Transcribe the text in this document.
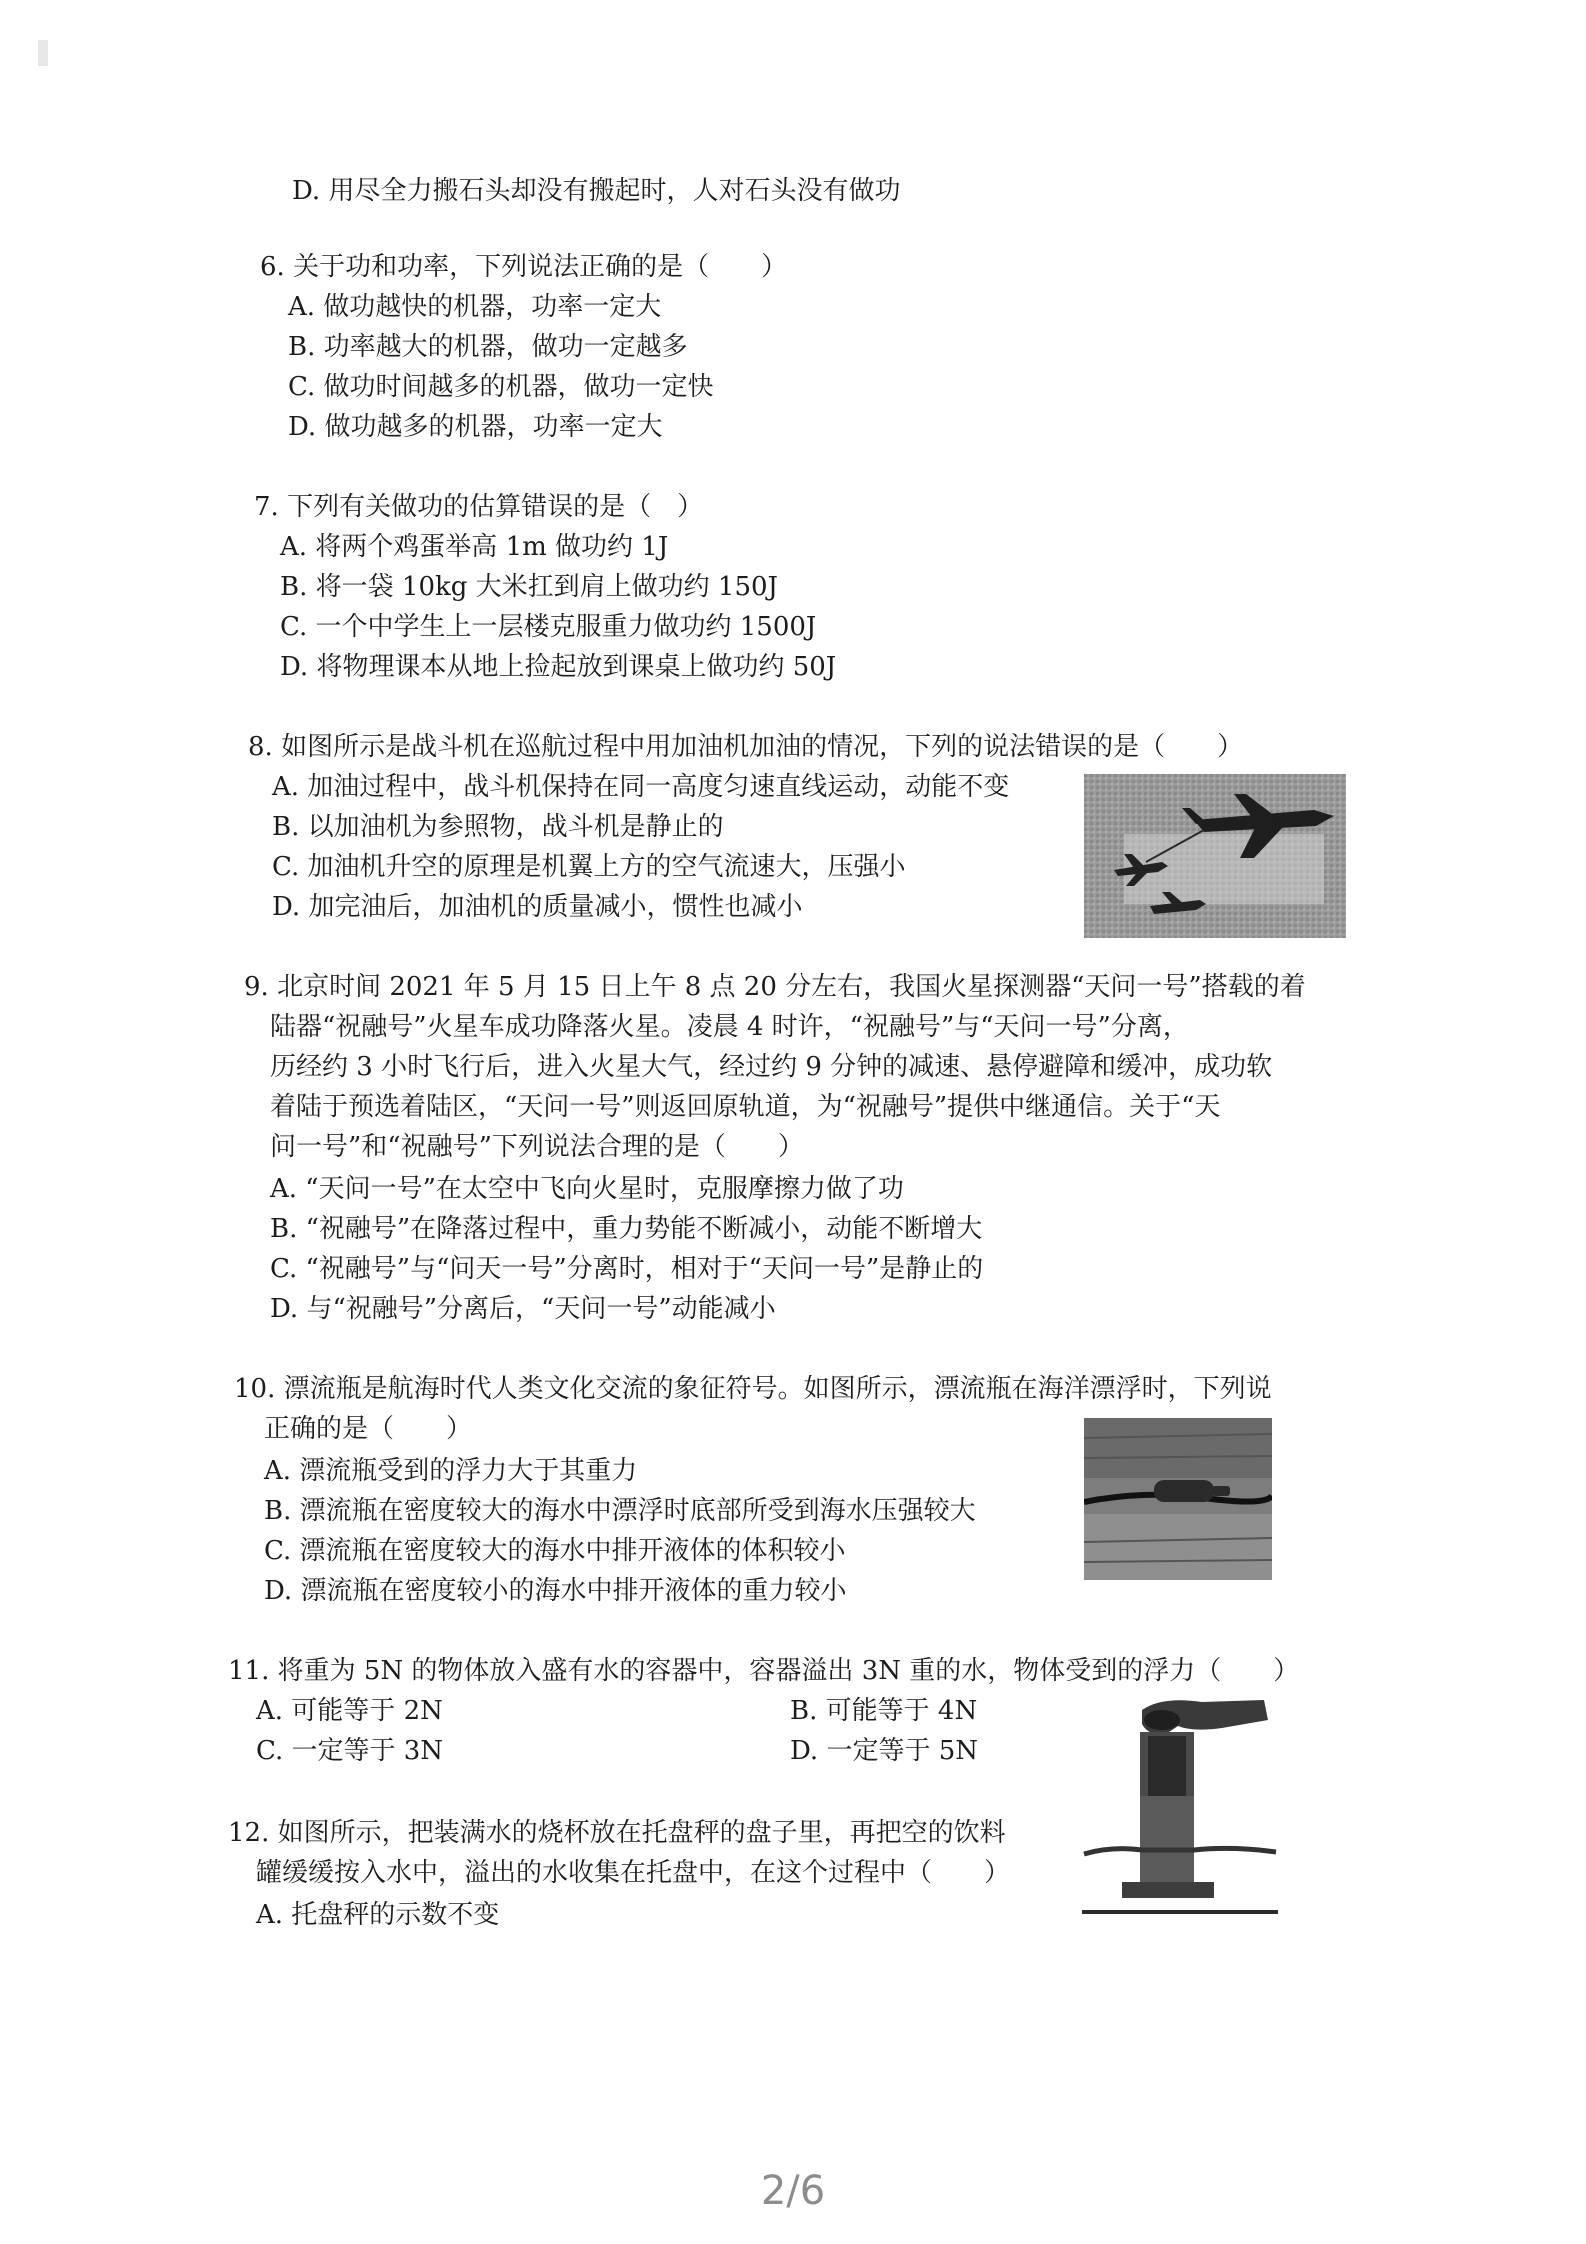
D. 用尽全力搬石头却没有搬起时，人对石头没有做功
6. 关于功和功率，下列说法正确的是（　　）
A. 做功越快的机器，功率一定大
B. 功率越大的机器，做功一定越多
C. 做功时间越多的机器，做功一定快
D. 做功越多的机器，功率一定大
7. 下列有关做功的估算错误的是（　）
A. 将两个鸡蛋举高 1m 做功约 1J
B. 将一袋 10kg 大米扛到肩上做功约 150J
C. 一个中学生上一层楼克服重力做功约 1500J
D. 将物理课本从地上捡起放到课桌上做功约 50J
8. 如图所示是战斗机在巡航过程中用加油机加油的情况，下列的说法错误的是（　　）
A. 加油过程中，战斗机保持在同一高度匀速直线运动，动能不变
B. 以加油机为参照物，战斗机是静止的
C. 加油机升空的原理是机翼上方的空气流速大，压强小
D. 加完油后，加油机的质量减小，惯性也减小
9. 北京时间 2021 年 5 月 15 日上午 8 点 20 分左右，我国火星探测器“天问一号”搭载的着
陆器“祝融号”火星车成功降落火星。凌晨 4 时许，“祝融号”与“天问一号”分离，
历经约 3 小时飞行后，进入火星大气，经过约 9 分钟的减速、悬停避障和缓冲，成功软
着陆于预选着陆区，“天问一号”则返回原轨道，为“祝融号”提供中继通信。关于“天
问一号”和“祝融号”下列说法合理的是（　　）
A. “天问一号”在太空中飞向火星时，克服摩擦力做了功
B. “祝融号”在降落过程中，重力势能不断减小，动能不断增大
C. “祝融号”与“问天一号”分离时，相对于“天问一号”是静止的
D. 与“祝融号”分离后，“天问一号”动能减小
10. 漂流瓶是航海时代人类文化交流的象征符号。如图所示，漂流瓶在海洋漂浮时，下列说
正确的是（　　）
A. 漂流瓶受到的浮力大于其重力
B. 漂流瓶在密度较大的海水中漂浮时底部所受到海水压强较大
C. 漂流瓶在密度较大的海水中排开液体的体积较小
D. 漂流瓶在密度较小的海水中排开液体的重力较小
11. 将重为 5N 的物体放入盛有水的容器中，容器溢出 3N 重的水，物体受到的浮力（　　）
A. 可能等于 2N	B. 可能等于 4N
C. 一定等于 3N	D. 一定等于 5N
12. 如图所示，把装满水的烧杯放在托盘秤的盘子里，再把空的饮料
罐缓缓按入水中，溢出的水收集在托盘中，在这个过程中（　　）
A. 托盘秤的示数不变
2/6
